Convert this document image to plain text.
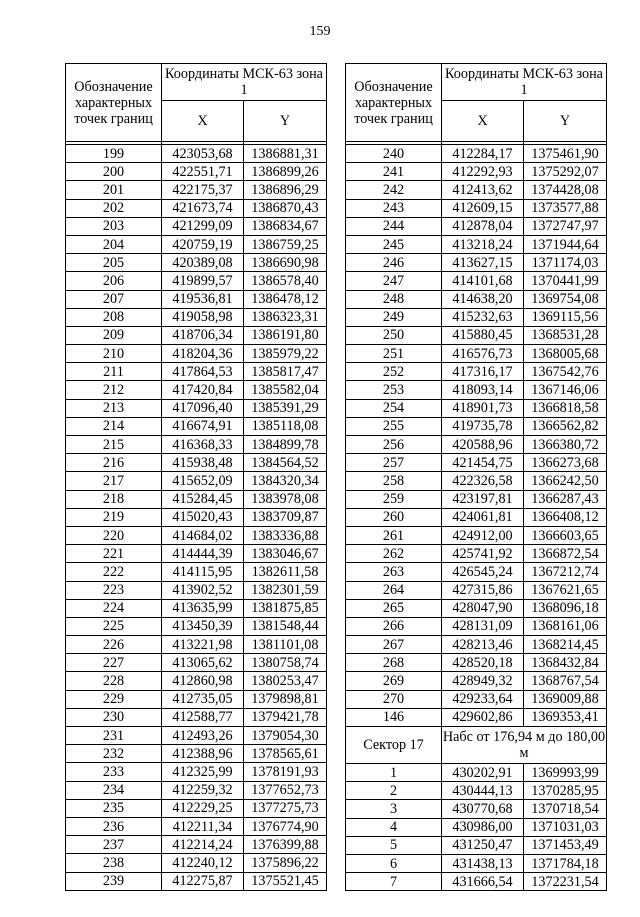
159
Обозначение характерных точек границ	Координаты МСК-63 зона 1	
	X	Y

199	423053,68	1386881,31
200	422551,71	1386899,26
201	422175,37	1386896,29
202	421673,74	1386870,43
203	421299,09	1386834,67
204	420759,19	1386759,25
205	420389,08	1386690,98
206	419899,57	1386578,40
207	419536,81	1386478,12
208	419058,98	1386323,31
209	418706,34	1386191,80
210	418204,36	1385979,22
211	417864,53	1385817,47
212	417420,84	1385582,04
213	417096,40	1385391,29
214	416674,91	1385118,08
215	416368,33	1384899,78
216	415938,48	1384564,52
217	415652,09	1384320,34
218	415284,45	1383978,08
219	415020,43	1383709,87
220	414684,02	1383336,88
221	414444,39	1383046,67
222	414115,95	1382611,58
223	413902,52	1382301,59
224	413635,99	1381875,85
225	413450,39	1381548,44
226	413221,98	1381101,08
227	413065,62	1380758,74
228	412860,98	1380253,47
229	412735,05	1379898,81
230	412588,77	1379421,78
231	412493,26	1379054,30
232	412388,96	1378565,61
233	412325,99	1378191,93
234	412259,32	1377652,73
235	412229,25	1377275,73
236	412211,34	1376774,90
237	412214,24	1376399,88
238	412240,12	1375896,22
239	412275,87	1375521,45
Обозначение характерных точек границ	Координаты МСК-63 зона 1	
	X	Y

240	412284,17	1375461,90
241	412292,93	1375292,07
242	412413,62	1374428,08
243	412609,15	1373577,88
244	412878,04	1372747,97
245	413218,24	1371944,64
246	413627,15	1371174,03
247	414101,68	1370441,99
248	414638,20	1369754,08
249	415232,63	1369115,56
250	415880,45	1368531,28
251	416576,73	1368005,68
252	417316,17	1367542,76
253	418093,14	1367146,06
254	418901,73	1366818,58
255	419735,78	1366562,82
256	420588,96	1366380,72
257	421454,75	1366273,68
258	422326,58	1366242,50
259	423197,81	1366287,43
260	424061,81	1366408,12
261	424912,00	1366603,65
262	425741,92	1366872,54
263	426545,24	1367212,74
264	427315,86	1367621,65
265	428047,90	1368096,18
266	428131,09	1368161,06
267	428213,46	1368214,45
268	428520,18	1368432,84
269	428949,32	1368767,54
270	429233,64	1369009,88
146	429602,86	1369353,41
Сектор 17	Набс от 176,94 м до 180,00 м	
1	430202,91	1369993,99
2	430444,13	1370285,95
3	430770,68	1370718,54
4	430986,00	1371031,03
5	431250,47	1371453,49
6	431438,13	1371784,18
7	431666,54	1372231,54
